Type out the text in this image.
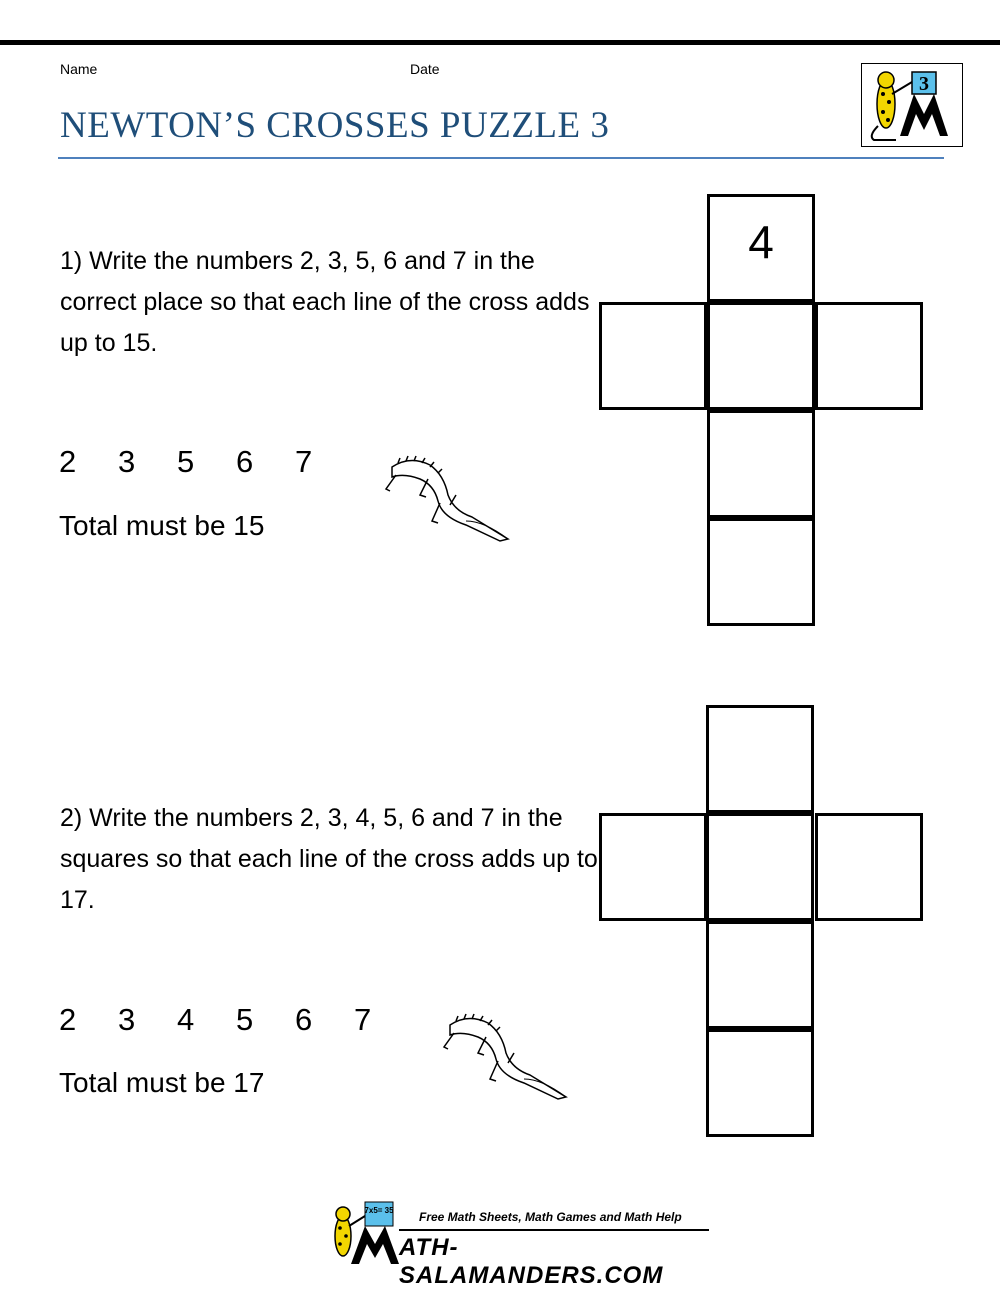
Name	Date
NEWTON’S CROSSES PUZZLE 3
3

1) Write the numbers 2, 3, 5, 6 and 7 in the correct place so that each line of the cross adds up to 15.

2	3	5	6	7
Total must be 15
4

2) Write the numbers 2, 3, 4, 5, 6 and 7 in the squares so that each line of the cross adds up to 17.

2	3	4	5	6	7
Total must be 17
7x5= 35 Free Math Sheets, Math Games and Math Help
ATH-SALAMANDERS.COM
